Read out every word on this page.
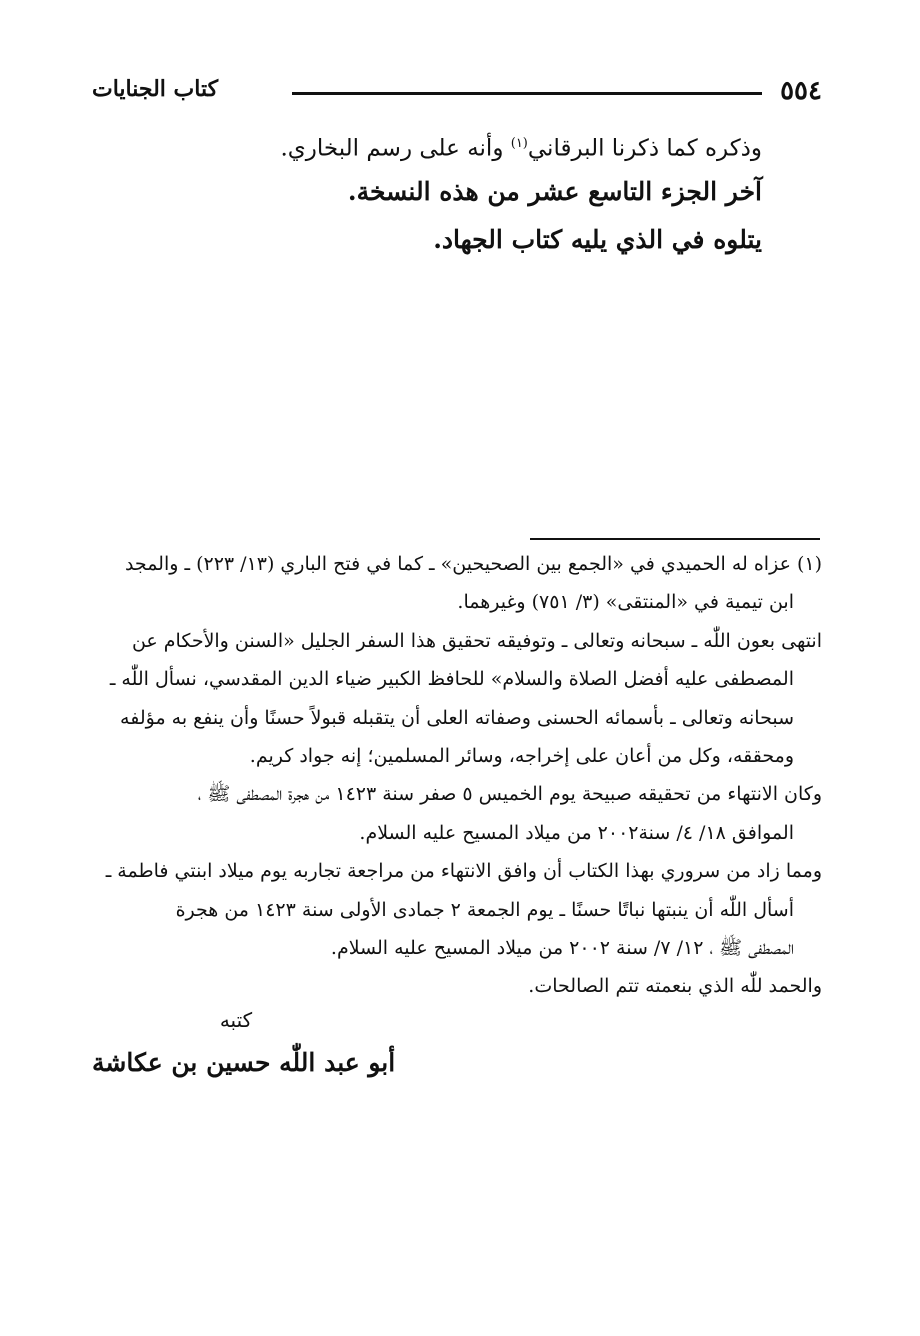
كتاب الجنايات	٥٥٤
وذكره كما ذكرنا البرقاني$^{(١)}$ وأنه على رسم البخاري.
آخر الجزء التاسع عشر من هذه النسخة.
يتلوه في الذي يليه كتاب الجهاد.
(١) عزاه له الحميدي في «الجمع بين الصحيحين» ـ كما في فتح الباري (١٣/ ٢٢٣) ـ والمجد
ابن تيمية في «المنتقى» (٣/ ٧٥١) وغيرهما.
انتهى بعون اللّٰه ـ سبحانه وتعالى ـ وتوفيقه تحقيق هذا السفر الجليل «السنن والأحكام عن
المصطفى عليه أفضل الصلاة والسلام» للحافظ الكبير ضياء الدين المقدسي، نسأل اللّٰه ـ
سبحانه وتعالى ـ بأسمائه الحسنى وصفاته العلى أن يتقبله قبولاً حسنًا وأن ينفع به مؤلفه
ومحققه، وكل من أعان على إخراجه، وسائر المسلمين؛ إنه جواد كريم.
وكان الانتهاء من تحقيقه صبيحة يوم الخميس ٥ صفر سنة ١٤٢٣ من هجرة المصطفى ﷺ ،
الموافق ١٨/ ٤/ سنة٢٠٠٢ من ميلاد المسيح عليه السلام.
ومما زاد من سروري بهذا الكتاب أن وافق الانتهاء من مراجعة تجاربه يوم ميلاد ابنتي فاطمة ـ
أسأل اللّٰه أن ينبتها نباتًا حسنًا ـ يوم الجمعة ٢ جمادى الأولى سنة ١٤٢٣ من هجرة
المصطفى ﷺ ، ١٢/ ٧/ سنة ٢٠٠٢ من ميلاد المسيح عليه السلام.
والحمد للّٰه الذي بنعمته تتم الصالحات.
كتبه
أبو عبد اللّٰه حسين بن عكاشة
